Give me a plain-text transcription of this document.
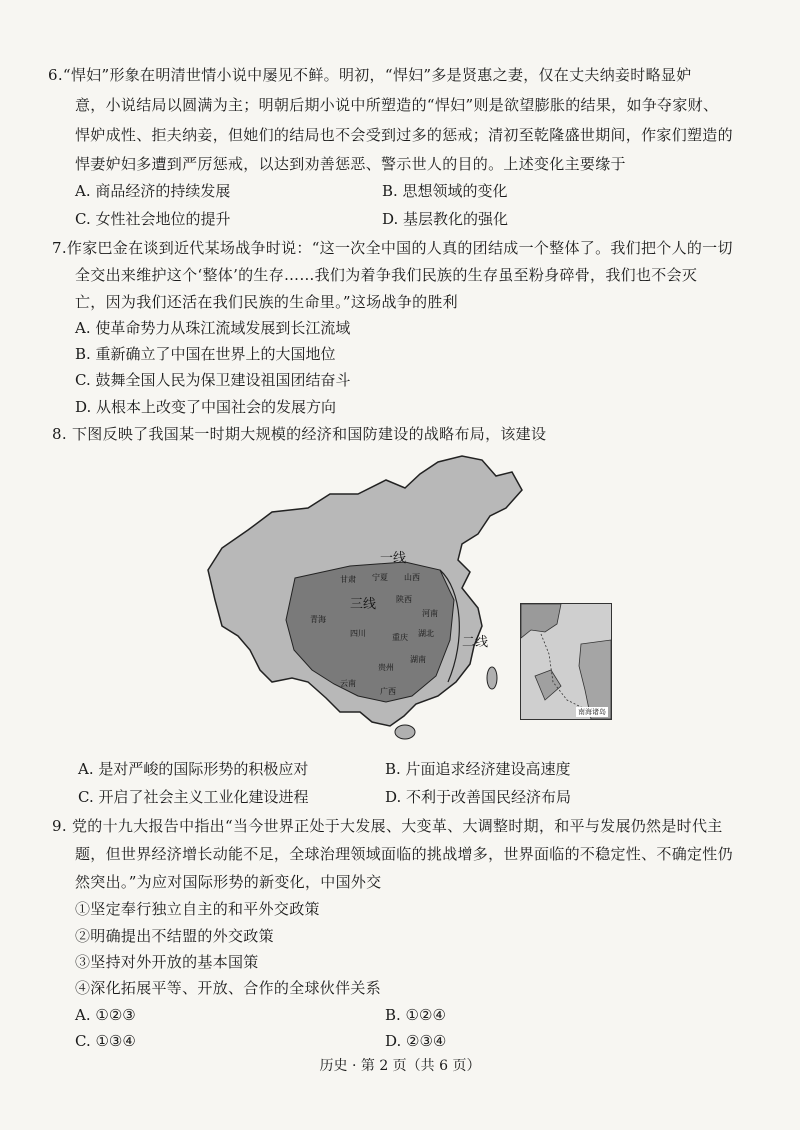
6.“悍妇”形象在明清世情小说中屡见不鲜。明初，“悍妇”多是贤惠之妻，仅在丈夫纳妾时略显妒
意，小说结局以圆满为主；明朝后期小说中所塑造的“悍妇”则是欲望膨胀的结果，如争夺家财、
悍妒成性、拒夫纳妾，但她们的结局也不会受到过多的惩戒；清初至乾隆盛世期间，作家们塑造的
悍妻妒妇多遭到严厉惩戒，以达到劝善惩恶、警示世人的目的。上述变化主要缘于
A. 商品经济的持续发展	B. 思想领域的变化
C. 女性社会地位的提升	D. 基层教化的强化
7.作家巴金在谈到近代某场战争时说：“这一次全中国的人真的团结成一个整体了。我们把个人的一切
全交出来维护这个‘整体’的生存……我们为着争我们民族的生存虽至粉身碎骨，我们也不会灭
亡，因为我们还活在我们民族的生命里。”这场战争的胜利
A. 使革命势力从珠江流域发展到长江流域
B. 重新确立了中国在世界上的大国地位
C. 鼓舞全国人民为保卫建设祖国团结奋斗
D. 从根本上改变了中国社会的发展方向
8. 下图反映了我国某一时期大规模的经济和国防建设的战略布局，该建设
甘肃 宁夏 山西
青海
陕西
河南
四川	重庆 湖北
湖南
贵州
云南
广西
一线
二线
三线
南海诸岛
A. 是对严峻的国际形势的积极应对	B. 片面追求经济建设高速度
C. 开启了社会主义工业化建设进程	D. 不利于改善国民经济布局
9. 党的十九大报告中指出“当今世界正处于大发展、大变革、大调整时期，和平与发展仍然是时代主
题，但世界经济增长动能不足，全球治理领域面临的挑战增多，世界面临的不稳定性、不确定性仍
然突出。”为应对国际形势的新变化，中国外交
①坚定奉行独立自主的和平外交政策
②明确提出不结盟的外交政策
③坚持对外开放的基本国策
④深化拓展平等、开放、合作的全球伙伴关系
A. ①②③	B. ①②④
C. ①③④	D. ②③④
历史 · 第 2 页（共 6 页）
